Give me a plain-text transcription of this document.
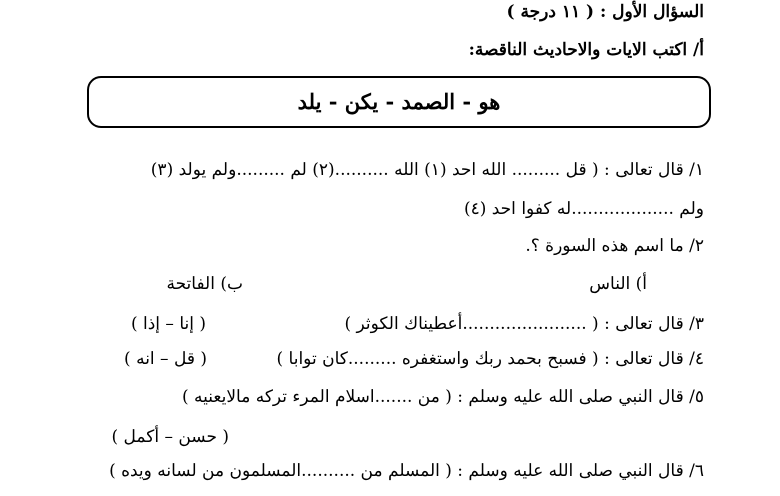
السؤال الأول : ( ١١ درجة )
أ/ اكتب الايات والاحاديث الناقصة:
هو - الصمد - يكن - يلد
١/ قال تعالى : ( قل ......... الله احد (١) الله ..........(٢) لم .........ولم يولد (٣)
ولم ...................له كفوا احد (٤)
٢/ ما اسم هذه السورة ؟.
أ) الناس
ب) الفاتحة
٣/ قال تعالى : ( .......................أعطيناك الكوثر )
( إنا – إذا )
٤/ قال تعالى : ( فسبح بحمد ربك واستغفره .........كان توابا )
( قل – انه )
٥/ قال النبي صلى الله عليه وسلم : ( من .......اسلام المرء تركه مالايعنيه )
( حسن – أكمل )
٦/ قال النبي صلى الله عليه وسلم : ( المسلم من ..........المسلمون من لسانه ويده )
